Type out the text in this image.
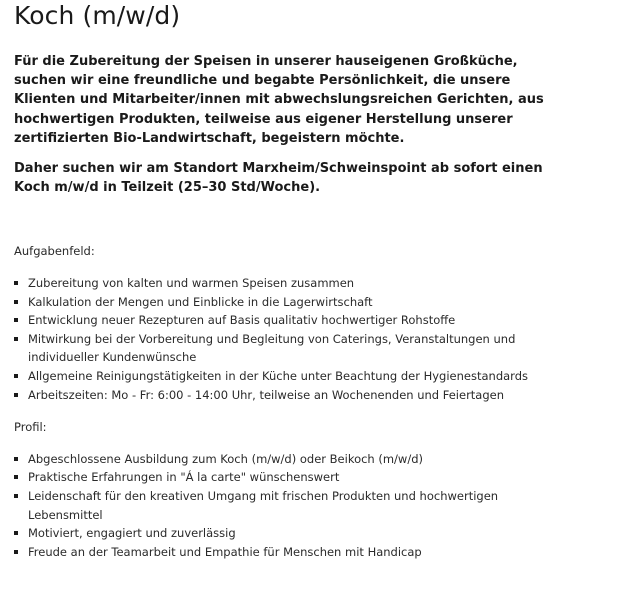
Koch (m/w/d)

Für die Zubereitung der Speisen in unserer hauseigenen Großküche, suchen wir eine freundliche und begabte Persönlichkeit, die unsere Klienten und Mitarbeiter/innen mit abwechslungsreichen Gerichten, aus hochwertigen Produkten, teilweise aus eigener Herstellung unserer zertifizierten Bio-Landwirtschaft, begeistern möchte.

Daher suchen wir am Standort Marxheim/Schweinspoint ab sofort einen Koch m/w/d in Teilzeit (25–30 Std/Woche).

Aufgabenfeld:

Zubereitung von kalten und warmen Speisen zusammen
Kalkulation der Mengen und Einblicke in die Lagerwirtschaft
Entwicklung neuer Rezepturen auf Basis qualitativ hochwertiger Rohstoffe
Mitwirkung bei der Vorbereitung und Begleitung von Caterings, Veranstaltungen und individueller Kundenwünsche
Allgemeine Reinigungstätigkeiten in der Küche unter Beachtung der Hygienestandards
Arbeitszeiten: Mo - Fr: 6:00 - 14:00 Uhr, teilweise an Wochenenden und Feiertagen

Profil:

Abgeschlossene Ausbildung zum Koch (m/w/d) oder Beikoch (m/w/d)
Praktische Erfahrungen in "Á la carte" wünschenswert
Leidenschaft für den kreativen Umgang mit frischen Produkten und hochwertigen Lebensmittel
Motiviert, engagiert und zuverlässig
Freude an der Teamarbeit und Empathie für Menschen mit Handicap
